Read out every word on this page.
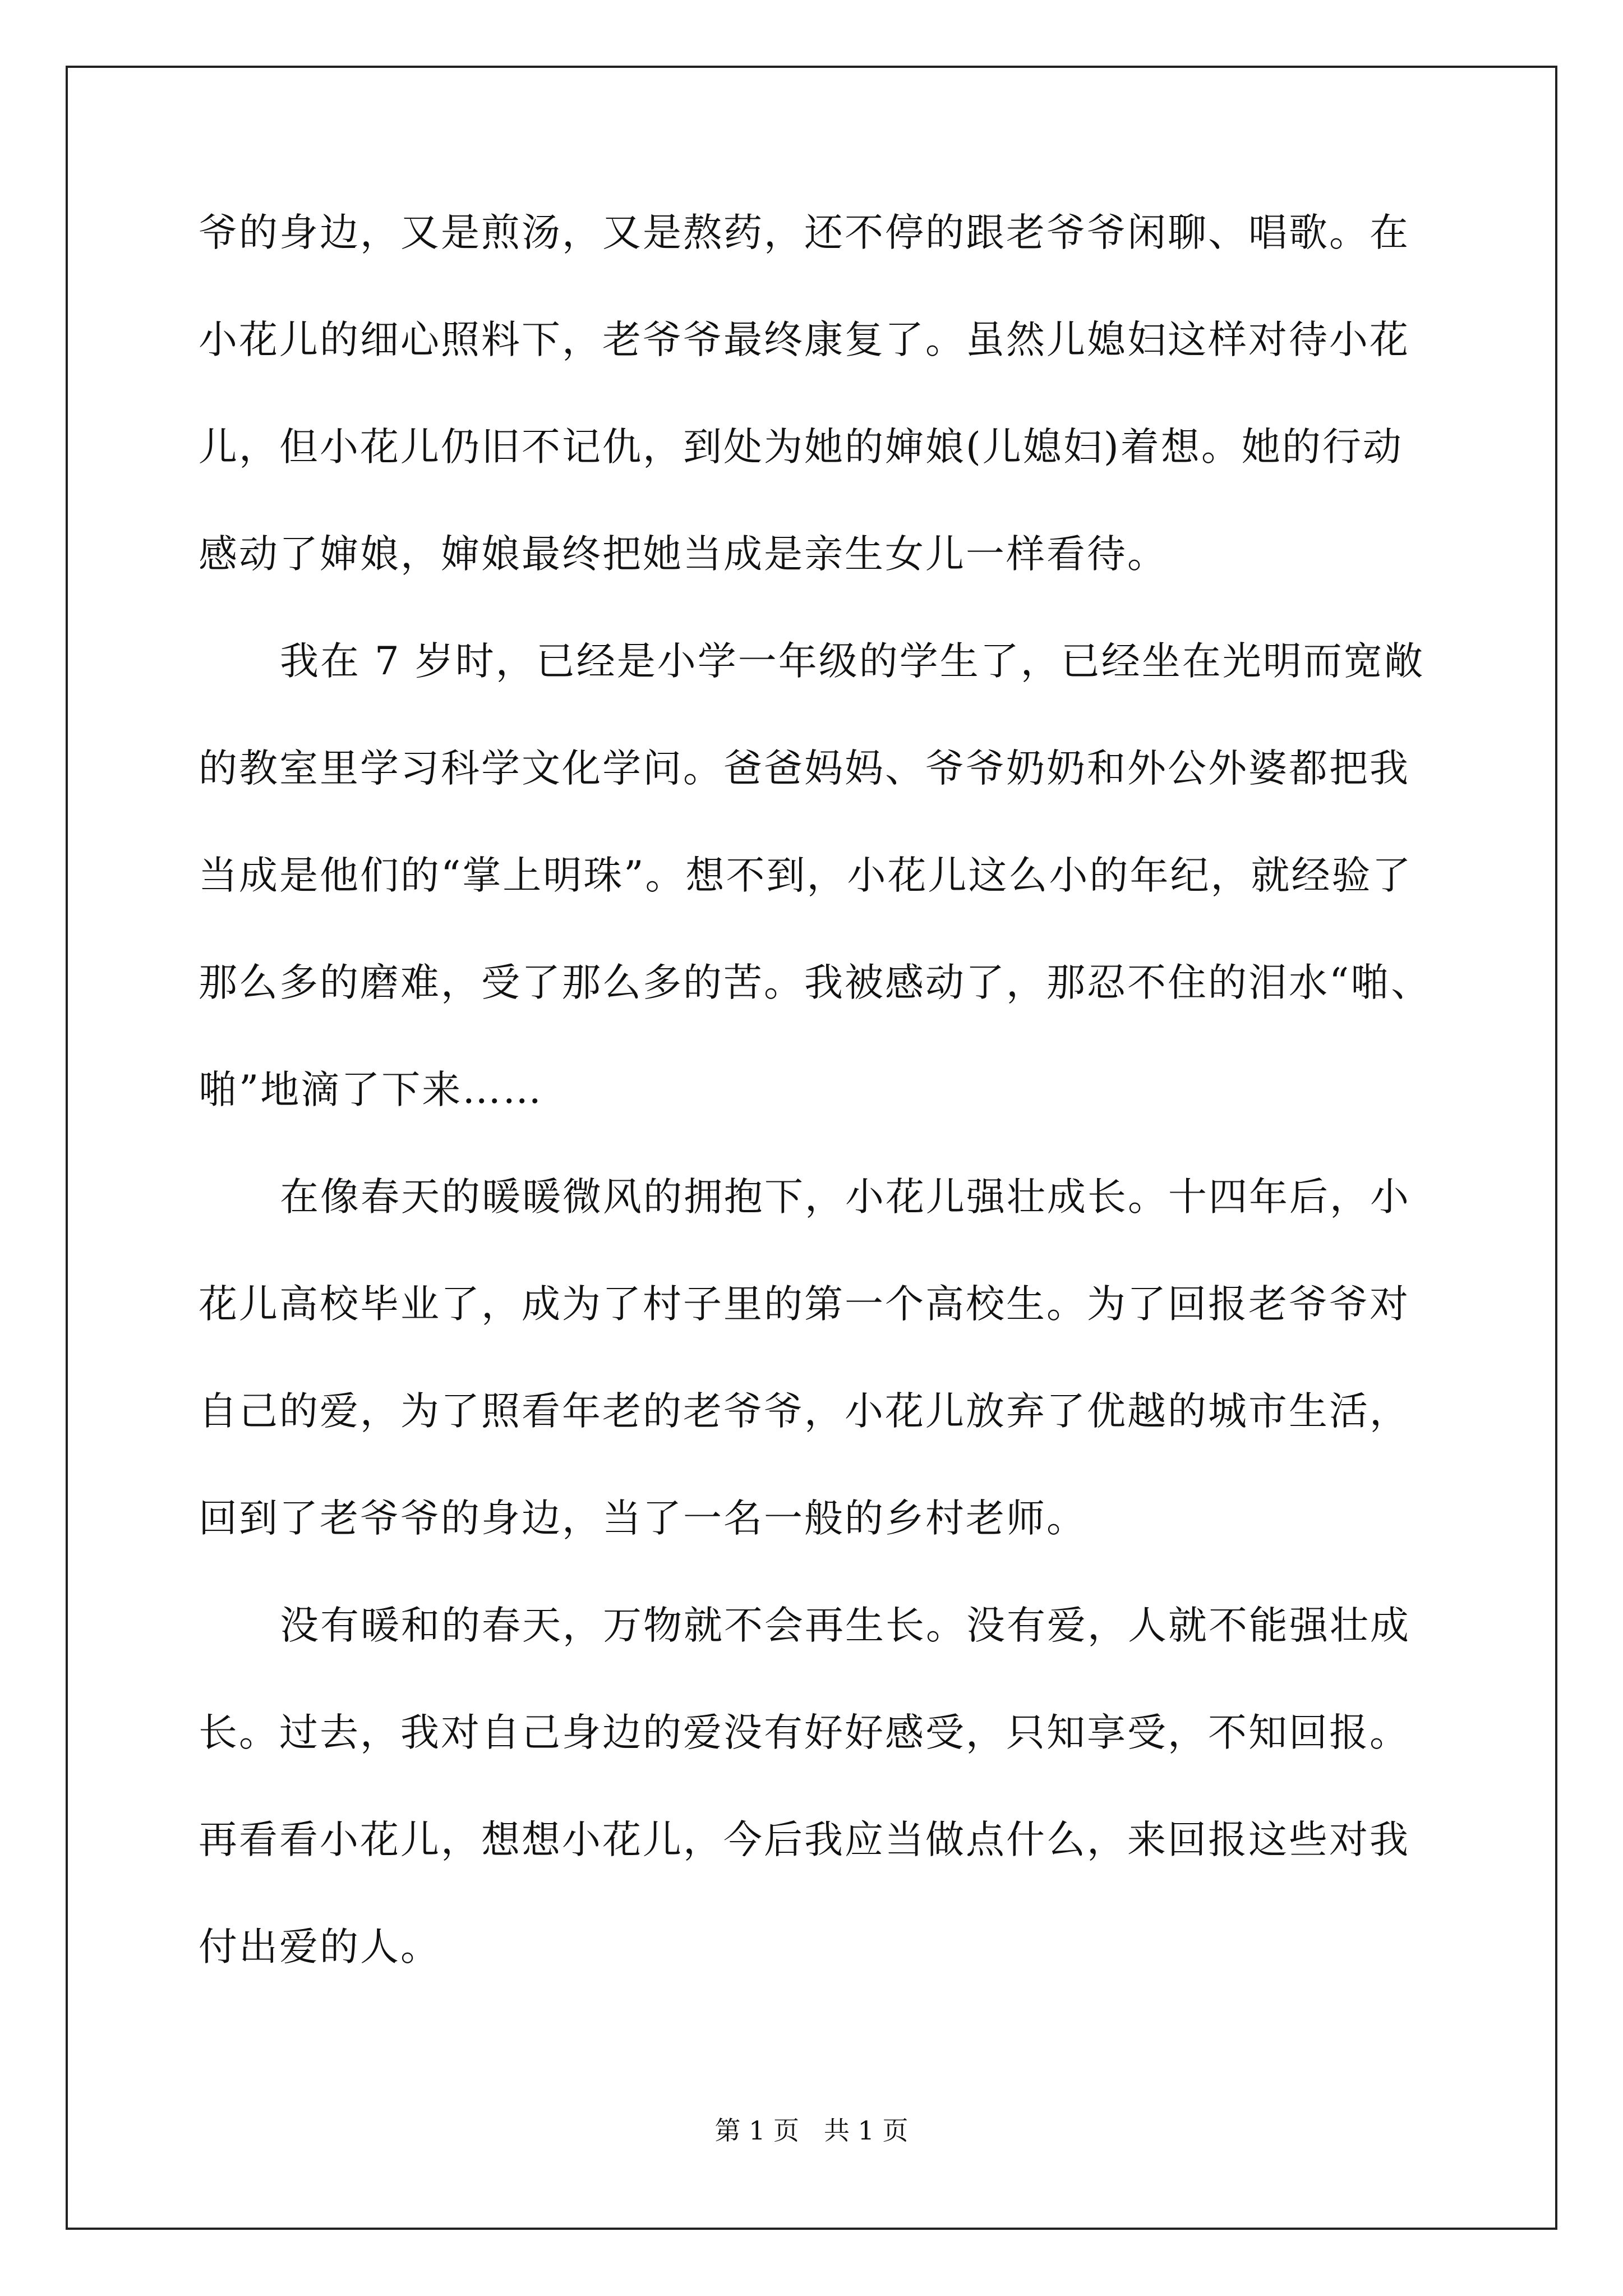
爷的身边，又是煎汤，又是熬药，还不停的跟老爷爷闲聊、唱歌。在
小花儿的细心照料下，老爷爷最终康复了。虽然儿媳妇这样对待小花
儿，但小花儿仍旧不记仇，到处为她的婶娘(儿媳妇)着想。她的行动
感动了婶娘，婶娘最终把她当成是亲生女儿一样看待。
我在 7 岁时，已经是小学一年级的学生了，已经坐在光明而宽敞
的教室里学习科学文化学问。爸爸妈妈、爷爷奶奶和外公外婆都把我
当成是他们的“掌上明珠”。想不到，小花儿这么小的年纪，就经验了
那么多的磨难，受了那么多的苦。我被感动了，那忍不住的泪水“啪、
啪”地滴了下来……
在像春天的暖暖微风的拥抱下，小花儿强壮成长。十四年后，小
花儿高校毕业了，成为了村子里的第一个高校生。为了回报老爷爷对
自己的爱，为了照看年老的老爷爷，小花儿放弃了优越的城市生活，
回到了老爷爷的身边，当了一名一般的乡村老师。
没有暖和的春天，万物就不会再生长。没有爱，人就不能强壮成
长。过去，我对自己身边的爱没有好好感受，只知享受，不知回报。
再看看小花儿，想想小花儿，今后我应当做点什么，来回报这些对我
付出爱的人。
第 1 页 共 1 页
